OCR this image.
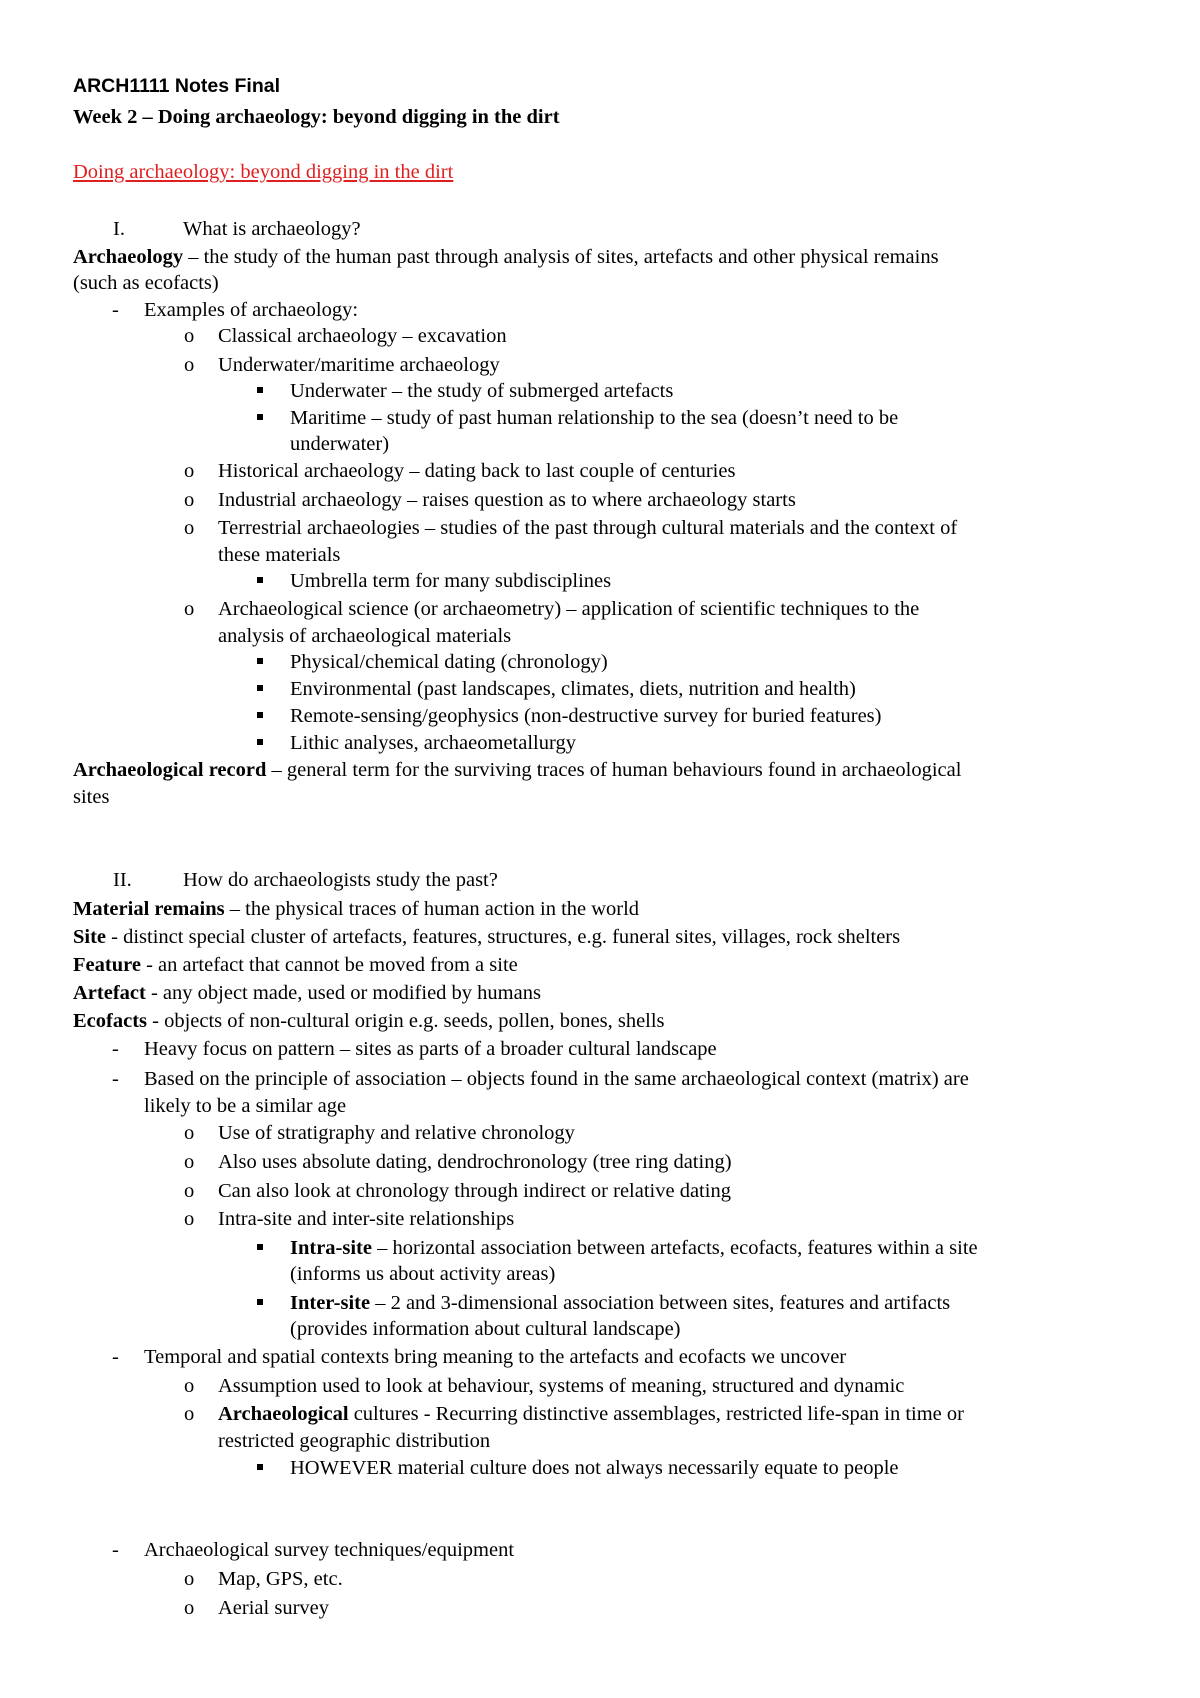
ARCH1111 Notes Final
Week 2 – Doing archaeology: beyond digging in the dirt
Doing archaeology: beyond digging in the dirt
I.	What is archaeology?
Archaeology – the study of the human past through analysis of sites, artefacts and other physical remains
(such as ecofacts)
- Examples of archaeology:
o Classical archaeology – excavation
o Underwater/maritime archaeology
Underwater – the study of submerged artefacts
Maritime – study of past human relationship to the sea (doesn’t need to be
underwater)
o Historical archaeology – dating back to last couple of centuries
o Industrial archaeology – raises question as to where archaeology starts
o Terrestrial archaeologies – studies of the past through cultural materials and the context of
these materials
Umbrella term for many subdisciplines
o Archaeological science (or archaeometry) – application of scientific techniques to the
analysis of archaeological materials
Physical/chemical dating (chronology)
Environmental (past landscapes, climates, diets, nutrition and health)
Remote-sensing/geophysics (non-destructive survey for buried features)
Lithic analyses, archaeometallurgy
Archaeological record – general term for the surviving traces of human behaviours found in archaeological
sites
II. How do archaeologists study the past?
Material remains – the physical traces of human action in the world
Site - distinct special cluster of artefacts, features, structures, e.g. funeral sites, villages, rock shelters
Feature - an artefact that cannot be moved from a site
Artefact - any object made, used or modified by humans
Ecofacts - objects of non-cultural origin e.g. seeds, pollen, bones, shells
- Heavy focus on pattern – sites as parts of a broader cultural landscape
- Based on the principle of association – objects found in the same archaeological context (matrix) are
likely to be a similar age
o Use of stratigraphy and relative chronology
o Also uses absolute dating, dendrochronology (tree ring dating)
o Can also look at chronology through indirect or relative dating
o Intra-site and inter-site relationships
Intra-site – horizontal association between artefacts, ecofacts, features within a site
(informs us about activity areas)
Inter-site – 2 and 3-dimensional association between sites, features and artifacts
(provides information about cultural landscape)
- Temporal and spatial contexts bring meaning to the artefacts and ecofacts we uncover
o Assumption used to look at behaviour, systems of meaning, structured and dynamic
o Archaeological cultures - Recurring distinctive assemblages, restricted life-span in time or
restricted geographic distribution
HOWEVER material culture does not always necessarily equate to people
- Archaeological survey techniques/equipment
o Map, GPS, etc.
o Aerial survey
